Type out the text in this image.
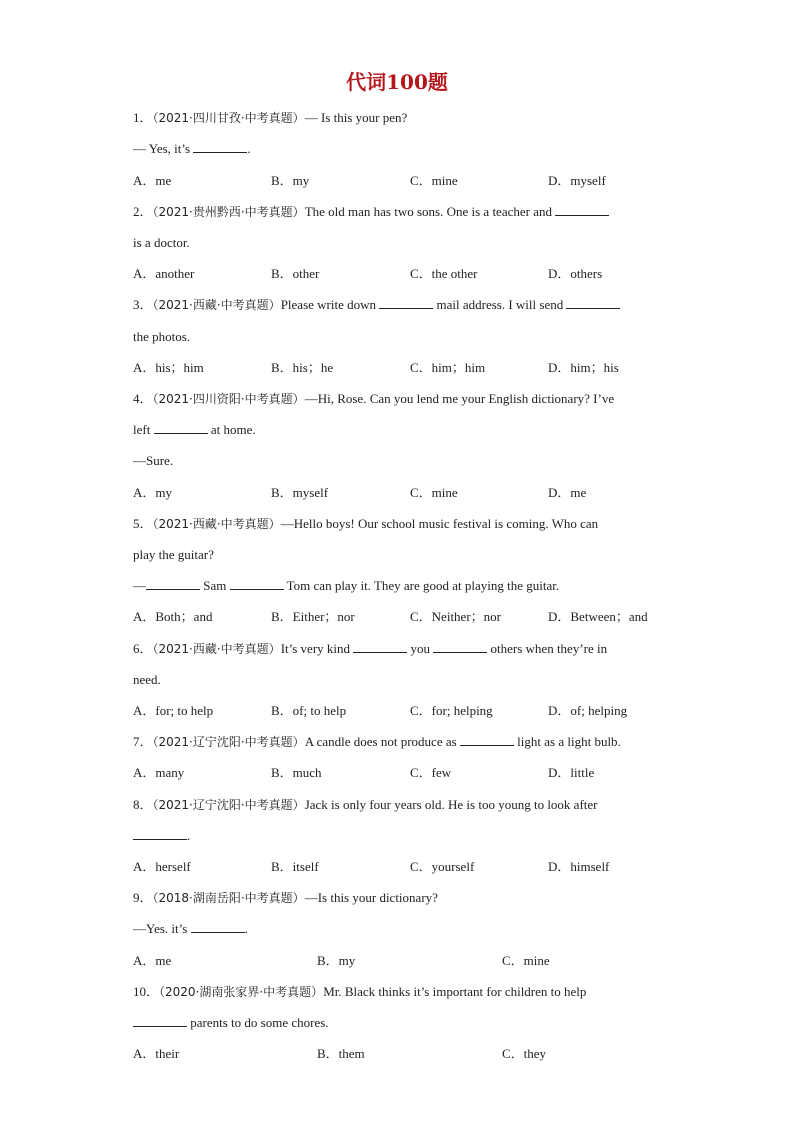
代词100题
1．（2021·四川甘孜·中考真题）— Is this your pen?
— Yes, it’s	.
A．me	B．my	C．mine	D．myself
2．（2021·贵州黔西·中考真题）The old man has two sons. One is a teacher and
is a doctor.
A．another	B．other	C．the other	D．others
3．（2021·西藏·中考真题）Please write down	mail address. I will send
the photos.
A．his；him	B．his；he	C．him；him	D．him；his
4．（2021·四川资阳·中考真题）—Hi, Rose. Can you lend me your English dictionary? I’ve
left	at home.
—Sure.
A．my	B．myself	C．mine	D．me
5．（2021·西藏·中考真题）—Hello boys! Our school music festival is coming. Who can
play the guitar?
—	Sam	Tom can play it. They are good at playing the guitar.
A．Both；and	B．Either；nor	C．Neither；nor	D．Between；and
6．（2021·西藏·中考真题）It’s very kind	you	others when they’re in
need.
A．for; to help	B．of; to help	C．for; helping	D．of; helping
7．（2021·辽宁沈阳·中考真题）A candle does not produce as	light as a light bulb.
A．many	B．much	C．few	D．little
8．（2021·辽宁沈阳·中考真题）Jack is only four years old. He is too young to look after
.
A．herself	B．itself	C．yourself	D．himself
9．（2018·湖南岳阳·中考真题）—Is this your dictionary?
—Yes. it’s	.
A．me	B．my	C．mine
10．（2020·湖南张家界·中考真题）Mr. Black thinks it’s important for children to help
parents to do some chores.
A．their	B．them	C．they
